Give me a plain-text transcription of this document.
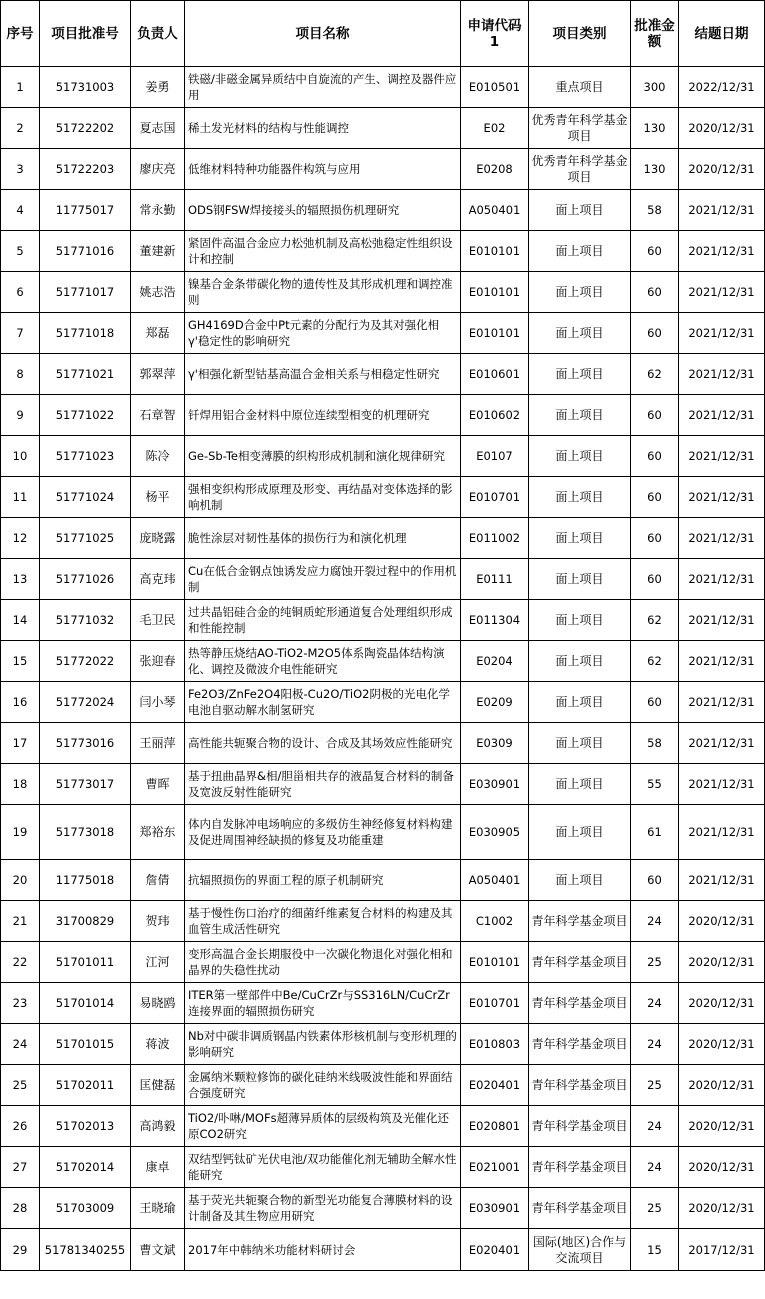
序号	项目批准号	负责人	项目名称	申请代码1	项目类别	批准金额	结题日期
1	51731003	姜勇	铁磁/非磁金属异质结中自旋流的产生、调控及器件应用	E010501	重点项目	300	2022/12/31
2	51722202	夏志国	稀土发光材料的结构与性能调控	E02	优秀青年科学基金项目	130	2020/12/31
3	51722203	廖庆亮	低维材料特种功能器件构筑与应用	E0208	优秀青年科学基金项目	130	2020/12/31
4	11775017	常永勤	ODS钢FSW焊接接头的辐照损伤机理研究	A050401	面上项目	58	2021/12/31
5	51771016	董建新	紧固件高温合金应力松弛机制及高松弛稳定性组织设计和控制	E010101	面上项目	60	2021/12/31
6	51771017	姚志浩	镍基合金条带碳化物的遗传性及其形成机理和调控准则	E010101	面上项目	60	2021/12/31
7	51771018	郑磊	GH4169D合金中Pt元素的分配行为及其对强化相γ'稳定性的影响研究	E010101	面上项目	60	2021/12/31
8	51771021	郭翠萍	γ'相强化新型钴基高温合金相关系与相稳定性研究	E010601	面上项目	62	2021/12/31
9	51771022	石章智	钎焊用铝合金材料中原位连续型相变的机理研究	E010602	面上项目	60	2021/12/31
10	51771023	陈冷	Ge-Sb-Te相变薄膜的织构形成机制和演化规律研究	E0107	面上项目	60	2021/12/31
11	51771024	杨平	强相变织构形成原理及形变、再结晶对变体选择的影响机制	E010701	面上项目	60	2021/12/31
12	51771025	庞晓露	脆性涂层对韧性基体的损伤行为和演化机理	E011002	面上项目	60	2021/12/31
13	51771026	高克玮	Cu在低合金钢点蚀诱发应力腐蚀开裂过程中的作用机制	E0111	面上项目	60	2021/12/31
14	51771032	毛卫民	过共晶铝硅合金的纯铜质蛇形通道复合处理组织形成和性能控制	E011304	面上项目	62	2021/12/31
15	51772022	张迎春	热等静压烧结AO-TiO2-M2O5体系陶瓷晶体结构演化、调控及微波介电性能研究	E0204	面上项目	62	2021/12/31
16	51772024	闫小琴	Fe2O3/ZnFe2O4阳极-Cu2O/TiO2阴极的光电化学电池自驱动解水制氢研究	E0209	面上项目	60	2021/12/31
17	51773016	王丽萍	高性能共轭聚合物的设计、合成及其场效应性能研究	E0309	面上项目	58	2021/12/31
18	51773017	曹晖	基于扭曲晶界&相/胆甾相共存的液晶复合材料的制备及宽波反射性能研究	E030901	面上项目	55	2021/12/31
19	51773018	郑裕东	体内自发脉冲电场响应的多级仿生神经修复材料构建及促进周围神经缺损的修复及功能重建	E030905	面上项目	61	2021/12/31
20	11775018	詹倩	抗辐照损伤的界面工程的原子机制研究	A050401	面上项目	60	2021/12/31
21	31700829	贺玮	基于慢性伤口治疗的细菌纤维素复合材料的构建及其血管生成活性研究	C1002	青年科学基金项目	24	2020/12/31
22	51701011	江河	变形高温合金长期服役中一次碳化物退化对强化相和晶界的失稳性扰动	E010101	青年科学基金项目	25	2020/12/31
23	51701014	易晓鸥	ITER第一壁部件中Be/CuCrZr与SS316LN/CuCrZr连接界面的辐照损伤研究	E010701	青年科学基金项目	24	2020/12/31
24	51701015	蒋波	Nb对中碳非调质钢晶内铁素体形核机制与变形机理的影响研究	E010803	青年科学基金项目	24	2020/12/31
25	51702011	匡健磊	金属纳米颗粒修饰的碳化硅纳米线吸波性能和界面结合强度研究	E020401	青年科学基金项目	25	2020/12/31
26	51702013	高鸿毅	TiO2/卟啉/MOFs超薄异质体的层级构筑及光催化还原CO2研究	E020801	青年科学基金项目	24	2020/12/31
27	51702014	康卓	双结型钙钛矿光伏电池/双功能催化剂无辅助全解水性能研究	E021001	青年科学基金项目	24	2020/12/31
28	51703009	王晓瑜	基于荧光共轭聚合物的新型光功能复合薄膜材料的设计制备及其生物应用研究	E030901	青年科学基金项目	25	2020/12/31
29	51781340255	曹文斌	2017年中韩纳米功能材料研讨会	E020401	国际(地区)合作与交流项目	15	2017/12/31
